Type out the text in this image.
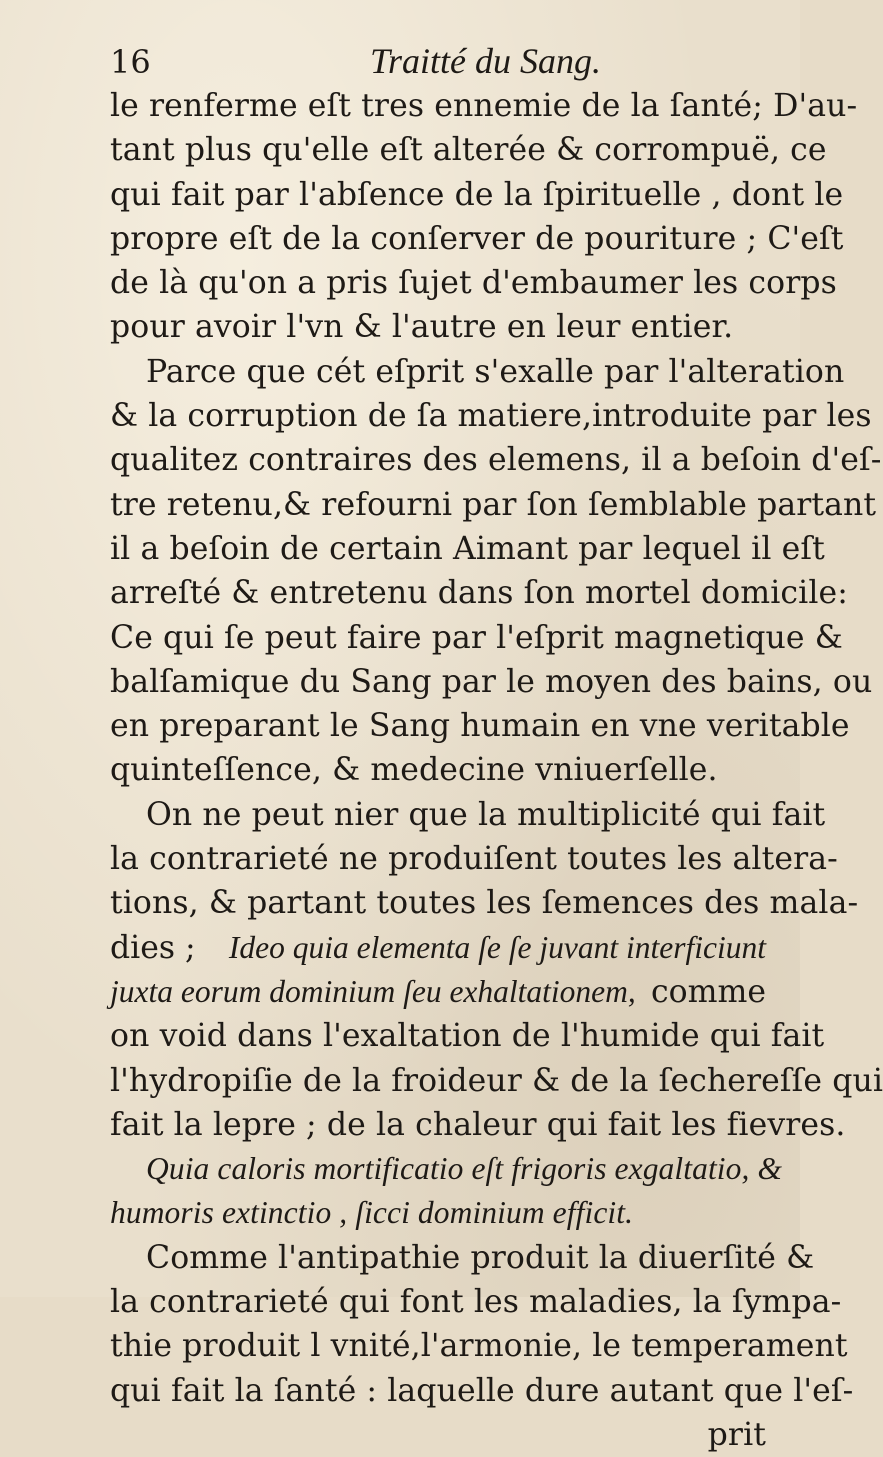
16	Traitté du Sang.
le renferme eſt tres ennemie de la ſanté; D'au-
tant plus qu'elle eſt alterée & corrompuë, ce
qui fait par l'abſence de la ſpirituelle , dont le
propre eſt de la conſerver de pouriture ; C'eſt
de là qu'on a pris ſujet d'embaumer les corps
pour avoir l'vn & l'autre en leur entier.
Parce que cét eſprit s'exalle par l'alteration
& la corruption de ſa matiere,introduite par les
qualitez contraires des elemens, il a beſoin d'eſ-
tre retenu,& refourni par ſon ſemblable partant
il a beſoin de certain Aimant par lequel il eſt
arreſté & entretenu dans ſon mortel domicile:
Ce qui ſe peut faire par l'eſprit magnetique &
balſamique du Sang par le moyen des bains, ou
en preparant le Sang humain en vne veritable
quinteſſence, & medecine vniuerſelle.
On ne peut nier que la multiplicité qui fait
la contrarieté ne produiſent toutes les altera-
tions, & partant toutes les ſemences des mala-
dies ; Ideo quia elementa ſe ſe juvant interficiunt
juxta eorum dominium ſeu exhaltationem, comme
on void dans l'exaltation de l'humide qui fait
l'hydropiſie de la froideur & de la ſechereſſe qui
fait la lepre ; de la chaleur qui fait les fievres.
Quia caloris mortificatio eſt frigoris exgaltatio, &
humoris extinctio , ſicci dominium efficit.
Comme l'antipathie produit la diuerſité &
la contrarieté qui font les maladies, la ſympa-
thie produit l vnité,l'armonie, le temperament
qui fait la ſanté : laquelle dure autant que l'eſ-
prit
